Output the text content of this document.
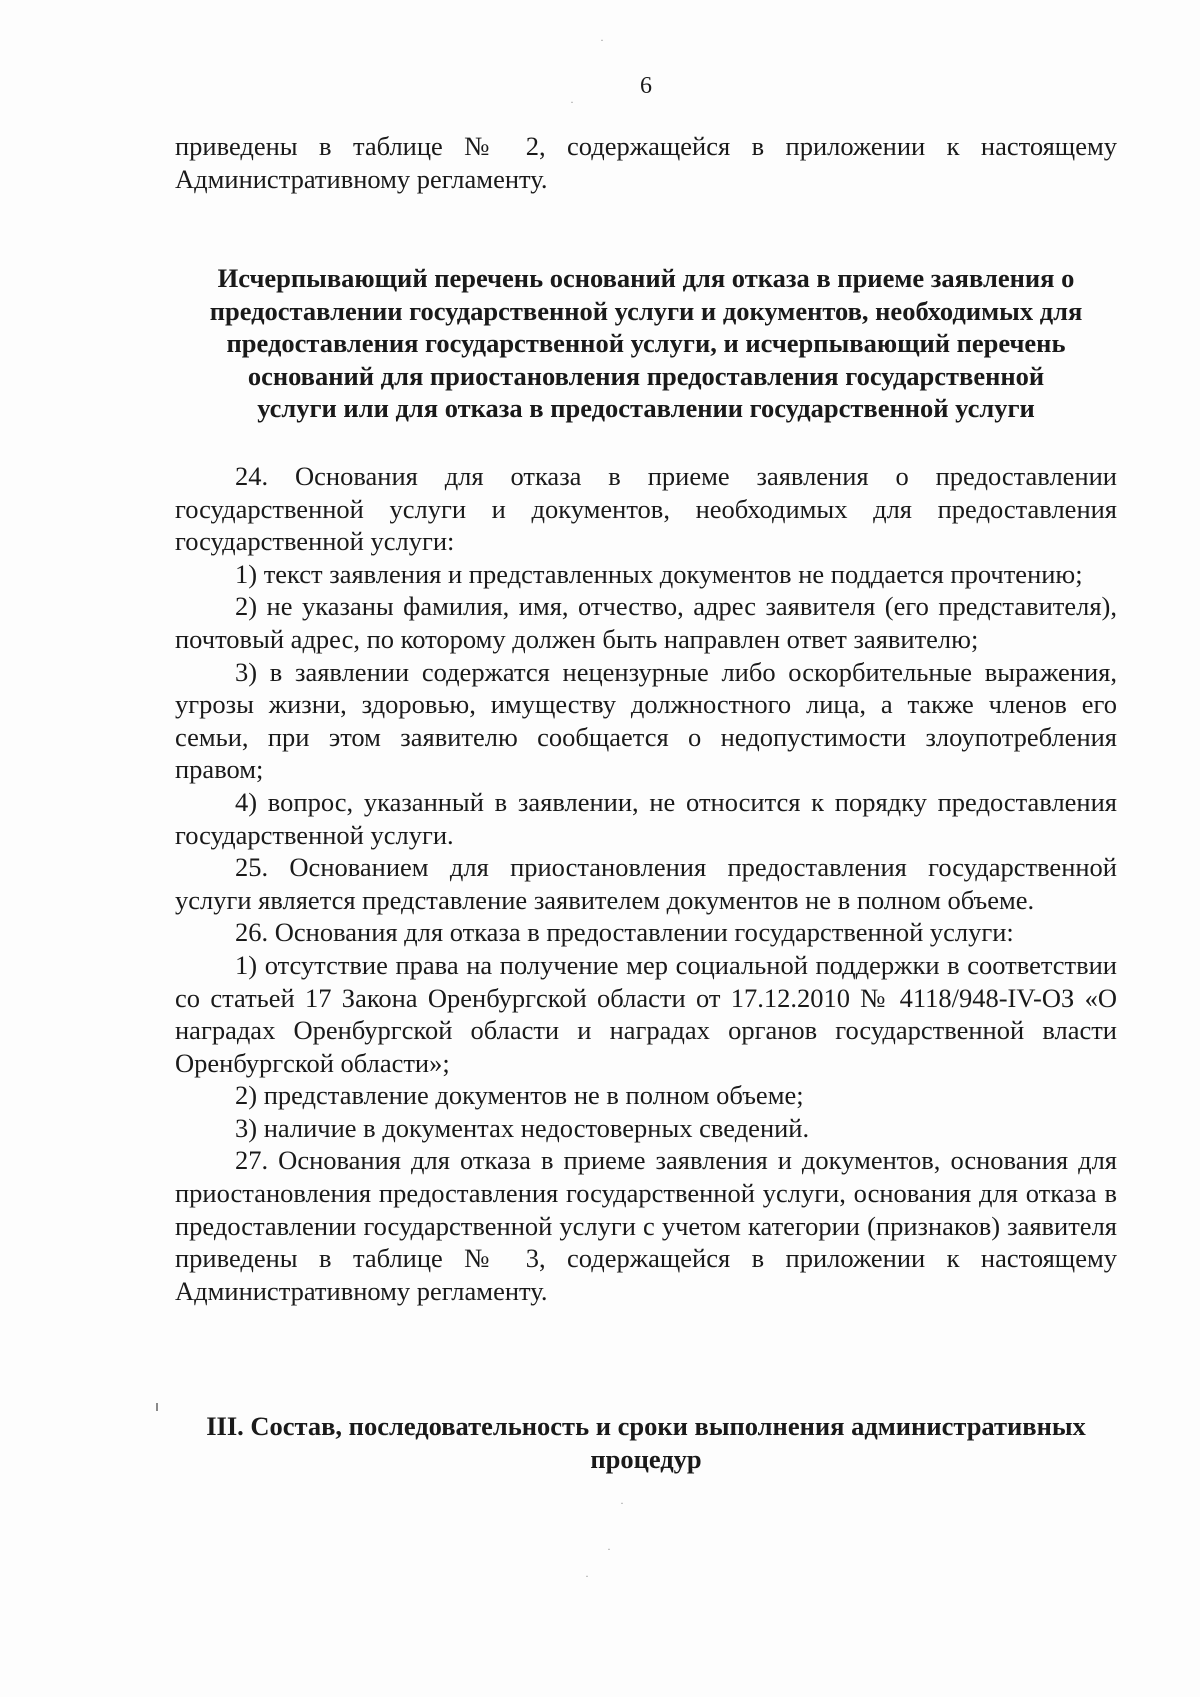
6
·
·
·
·
·

приведены в таблице № 2, содержащейся в приложении к настоящему Административному регламенту.

Исчерпывающий перечень оснований для отказа в приеме заявления о

предоставлении государственной услуги и документов, необходимых для

предоставления государственной услуги, и исчерпывающий перечень

оснований для приостановления предоставления государственной

услуги или для отказа в предоставлении государственной услуги

24. Основания для отказа в приеме заявления о предоставлении государственной услуги и документов, необходимых для предоставления государственной услуги:

1) текст заявления и представленных документов не поддается прочтению;

2) не указаны фамилия, имя, отчество, адрес заявителя (его представителя), почтовый адрес, по которому должен быть направлен ответ заявителю;

3) в заявлении содержатся нецензурные либо оскорбительные выражения, угрозы жизни, здоровью, имуществу должностного лица, а также членов его семьи, при этом заявителю сообщается о недопустимости злоупотребления правом;

4) вопрос, указанный в заявлении, не относится к порядку предоставления государственной услуги.

25. Основанием для приостановления предоставления государственной услуги является представление заявителем документов не в полном объеме.

26. Основания для отказа в предоставлении государственной услуги:

1) отсутствие права на получение мер социальной поддержки в соответствии со статьей 17 Закона Оренбургской области от 17.12.2010 № 4118/948-IV-ОЗ «О наградах Оренбургской области и наградах органов государственной власти Оренбургской области»;

2) представление документов не в полном объеме;

3) наличие в документах недостоверных сведений.

27. Основания для отказа в приеме заявления и документов, основания для приостановления предоставления государственной услуги, основания для отказа в предоставлении государственной услуги с учетом категории (признаков) заявителя приведены в таблице № 3, содержащейся в приложении к настоящему Административному регламенту.

III. Состав, последовательность и сроки выполнения административных

процедур
